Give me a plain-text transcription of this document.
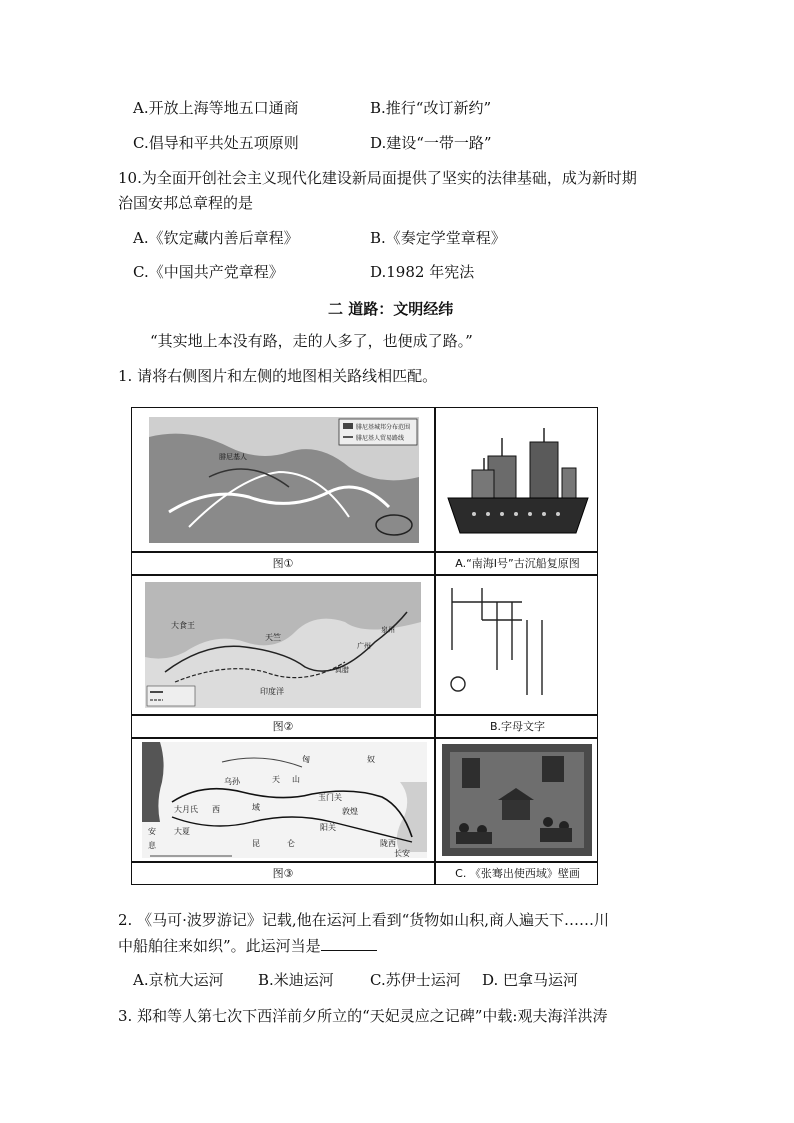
A.开放上海等地五口通商	B.推行“改订新约”
C.倡导和平共处五项原则	D.建设“一带一路”
10.为全面开创社会主义现代化建设新局面提供了坚实的法律基础，成为新时期
治国安邦总章程的是
A.《钦定藏内善后章程》	B.《奏定学堂章程》
C.《中国共产党章程》	D.1982 年宪法
二 道路：文明经纬
“其实地上本没有路，走的人多了，也便成了路。”
1. 请将右侧图片和左侧的地图相关路线相匹配。
腓尼基城邦分布范围
腓尼基人贸易路线
腓尼基人
图①	A.“南海Ⅰ号”古沉船复原图
大食王
天竺
印度洋
泉州
广州
真腊
图②	B.字母文字
匈	奴
乌孙
大月氏 西	域
大夏
安
息
敦煌
玉门关
阳关
长安
陇西
天 山
昆	仑
图③	C. 《张骞出使西域》壁画
2. 《马可·波罗游记》记载,他在运河上看到“货物如山积,商人遍天下……川
中船舶往来如织”。此运河当是
A.京杭大运河 B.米迪运河 C.苏伊士运河 D. 巴拿马运河
3. 郑和等人第七次下西洋前夕所立的“天妃灵应之记碑”中载:观夫海洋洪涛
